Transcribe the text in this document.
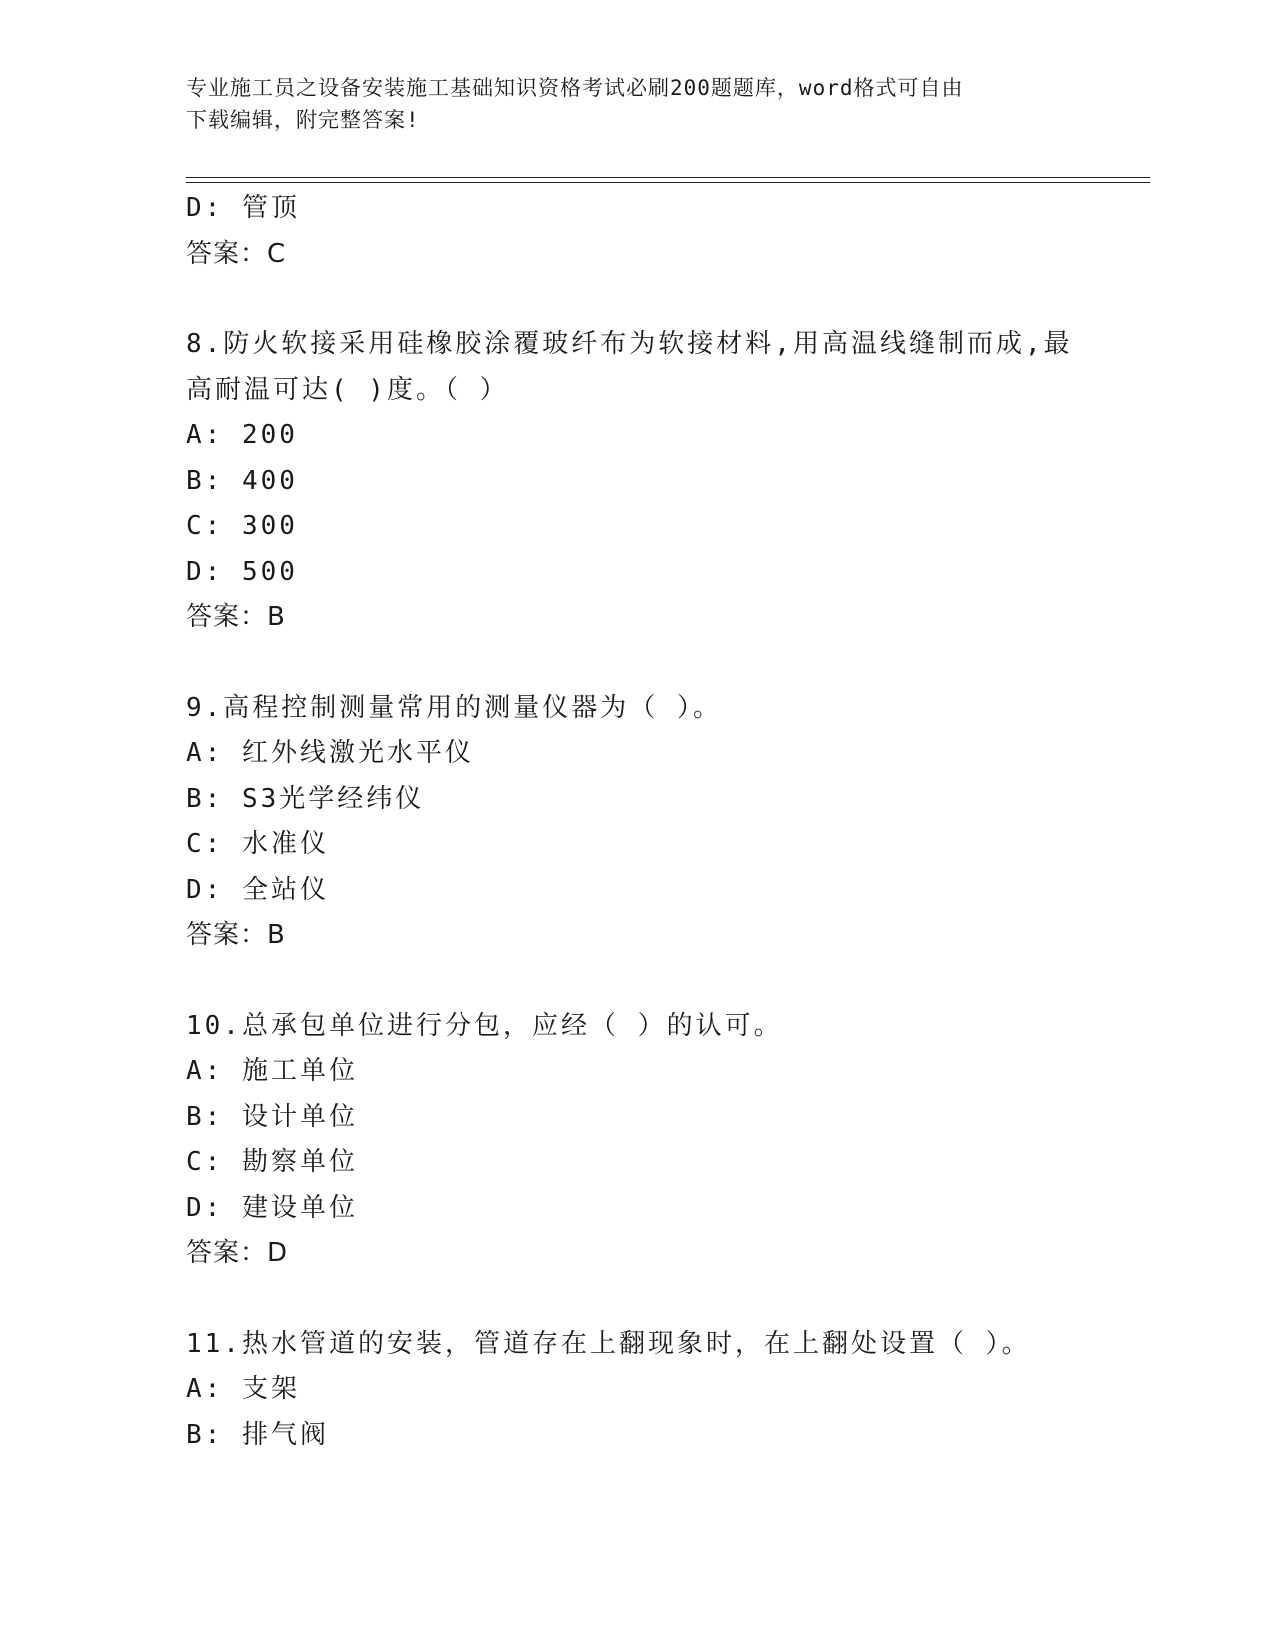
专业施工员之设备安装施工基础知识资格考试必刷200题题库，word格式可自由
下载编辑，附完整答案!
D: 管顶
答案：C
8.防火软接采用硅橡胶涂覆玻纤布为软接材料,用高温线缝制而成,最
高耐温可达( )度。（ ）
A: 200
B: 400
C: 300
D: 500
答案：B
9.高程控制测量常用的测量仪器为（ ）。
A: 红外线激光水平仪
B: S3光学经纬仪
C: 水准仪
D: 全站仪
答案：B
10.总承包单位进行分包，应经（ ）的认可。
A: 施工单位
B: 设计单位
C: 勘察单位
D: 建设单位
答案：D
11.热水管道的安装，管道存在上翻现象时，在上翻处设置（ ）。
A: 支架
B: 排气阀
